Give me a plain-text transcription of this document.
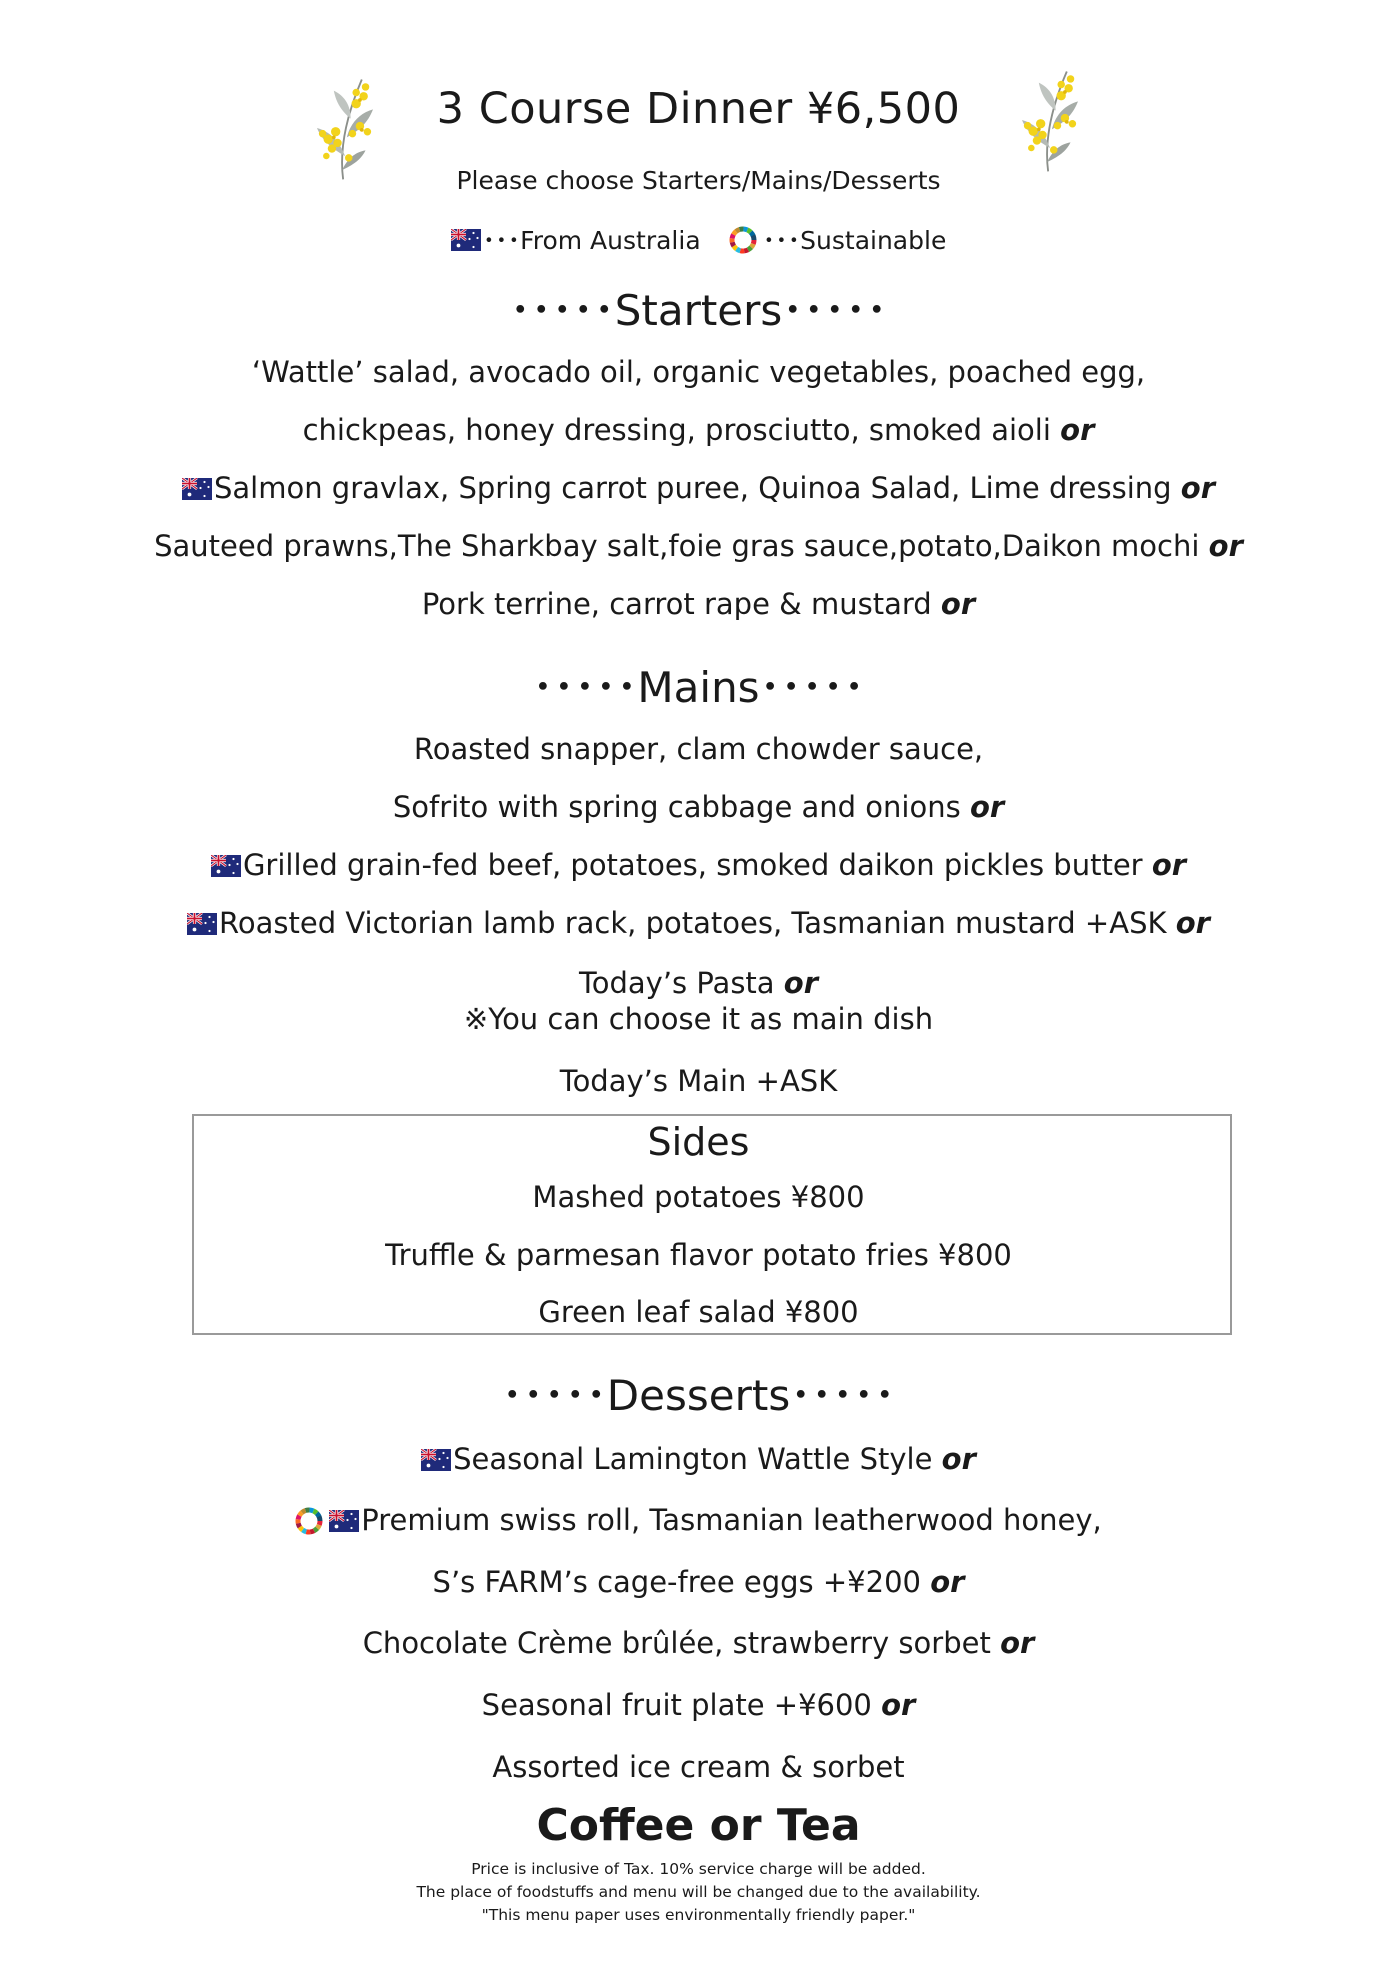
3 Course Dinner ¥6,500
Please choose Starters/Mains/Desserts
･･･From Australia ･･･Sustainable
･････Starters･････
‘Wattle’ salad, avocado oil, organic vegetables, poached egg,
chickpeas, honey dressing, prosciutto, smoked aioli or
Salmon gravlax, Spring carrot puree, Quinoa Salad, Lime dressing or
Sauteed prawns,The Sharkbay salt,foie gras sauce,potato,Daikon mochi or
Pork terrine, carrot rape & mustard or
･････Mains･････
Roasted snapper, clam chowder sauce,
Sofrito with spring cabbage and onions or
Grilled grain-fed beef, potatoes, smoked daikon pickles butter or
Roasted Victorian lamb rack, potatoes, Tasmanian mustard +ASK or
Today’s Pasta or
※You can choose it as main dish
Today’s Main +ASK
Sides
Mashed potatoes ¥800
Truffle & parmesan flavor potato fries ¥800
Green leaf salad ¥800
･････Desserts･････
Seasonal Lamington Wattle Style or
Premium swiss roll, Tasmanian leatherwood honey,
S’s FARM’s cage-free eggs +¥200 or
Chocolate Crème brûlée, strawberry sorbet or
Seasonal fruit plate +¥600 or
Assorted ice cream & sorbet
Coffee or Tea
Price is inclusive of Tax. 10% service charge will be added.
The place of foodstuffs and menu will be changed due to the availability.
"This menu paper uses environmentally friendly paper."
